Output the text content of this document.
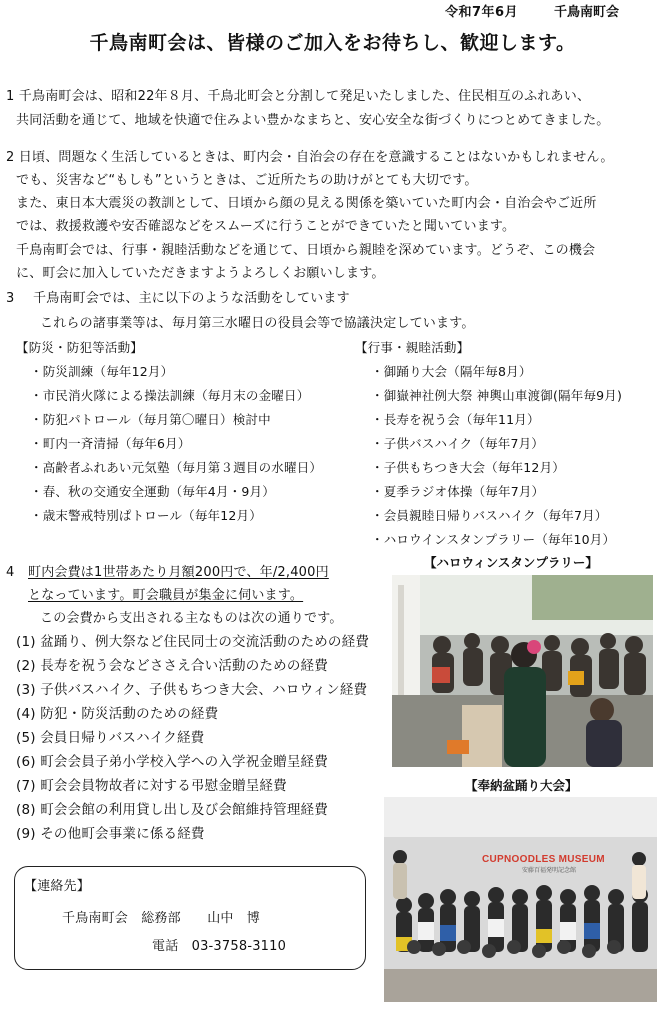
令和7年6月	千鳥南町会
千鳥南町会は、皆様のご加入をお待ちし、歓迎します。
1 千鳥南町会は、昭和22年８月、千鳥北町会と分割して発足いたしました、住民相互のふれあい、
共同活動を通じて、地域を快適で住みよい豊かなまちと、安心安全な街づくりにつとめてきました。
2 日頃、問題なく生活しているときは、町内会・自治会の存在を意識することはないかもしれません。
でも、災害など“もしも”というときは、ご近所たちの助けがとても大切です。
また、東日本大震災の教訓として、日頃から顔の見える関係を築いていた町内会・自治会やご近所
では、救援救護や安否確認などをスムーズに行うことができていたと聞いています。
千鳥南町会では、行事・親睦活動などを通じて、日頃から親睦を深めています。どうぞ、この機会
に、町会に加入していただきますようよろしくお願いします。
3 千鳥南町会では、主に以下のような活動をしています
これらの諸事業等は、毎月第三水曜日の役員会等で協議決定しています。
【防災・防犯等活動】
・防災訓練（毎年12月）
・市民消火隊による操法訓練（毎月末の金曜日）
・防犯パトロール（毎月第〇曜日）検討中
・町内一斉清掃（毎年6月）
・高齢者ふれあい元気塾（毎月第３週目の水曜日）
・春、秋の交通安全運動（毎年4月・9月）
・歳末警戒特別ぱトロール（毎年12月）
【行事・親睦活動】
・御踊り大会（隔年毎8月）
・御嶽神社例大祭 神輿山車渡御(隔年毎9月)
・長寿を祝う会（毎年11月）
・子供バスハイク（毎年7月）
・子供もちつき大会（毎年12月）
・夏季ラジオ体操（毎年7月）
・会員親睦日帰りバスハイク（毎年7月）
・ハロウインスタンプラリー（毎年10月）
4 町内会費は1世帯あたり月額200円で、年/2,400円
となっています。町会職員が集金に伺います。
この会費から支出される主なものは次の通りです。
(1) 盆踊り、例大祭など住民同士の交流活動のための経費
(2) 長寿を祝う会などささえ合い活動のための経費
(3) 子供バスハイク、子供もちつき大会、ハロウィン経費
(4) 防犯・防災活動のための経費
(5) 会員日帰りバスハイク経費
(6) 町会会員子弟小学校入学への入学祝金贈呈経費
(7) 町会会員物故者に対する弔慰金贈呈経費
(8) 町会会館の利用貸し出し及び会館維持管理経費
(9) その他町会事業に係る経費
【ハロウィンスタンプラリー】
【奉納盆踊り大会】
CUPNOODLES MUSEUM
安藤百福発明記念館
【連絡先】
千鳥南町会　総務部　　山中　博
電話　03-3758-3110
